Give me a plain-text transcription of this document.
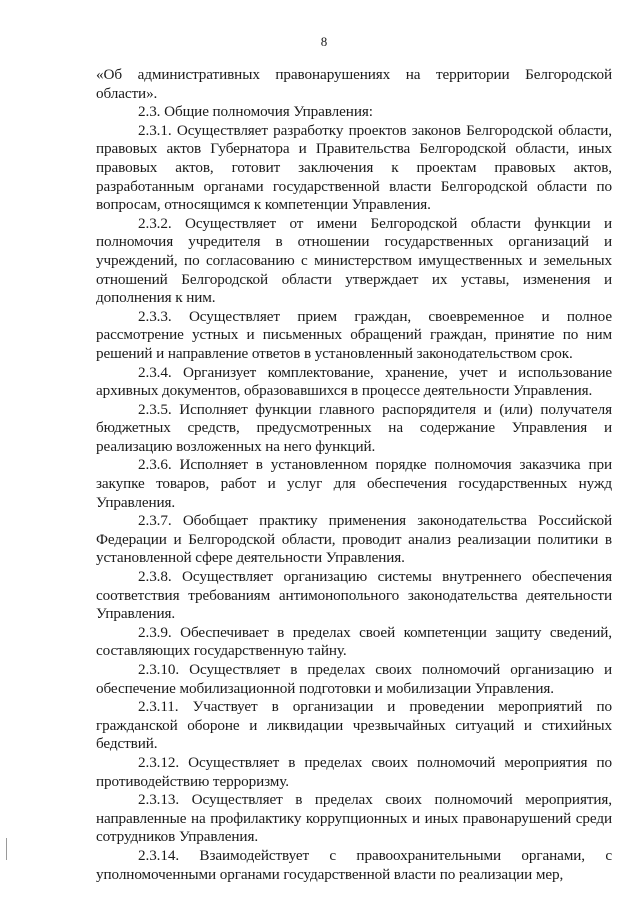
8

«Об административных правонарушениях на территории Белгородской области».

2.3. Общие полномочия Управления:

2.3.1. Осуществляет разработку проектов законов Белгородской области, правовых актов Губернатора и Правительства Белгородской области, иных правовых актов, готовит заключения к проектам правовых актов, разработанным органами государственной власти Белгородской области по вопросам, относящимся к компетенции Управления.

2.3.2. Осуществляет от имени Белгородской области функции и полномочия учредителя в отношении государственных организаций и учреждений, по согласованию с министерством имущественных и земельных отношений Белгородской области утверждает их уставы, изменения и дополнения к ним.

2.3.3. Осуществляет прием граждан, своевременное и полное рассмотрение устных и письменных обращений граждан, принятие по ним решений и направление ответов в установленный законодательством срок.

2.3.4. Организует комплектование, хранение, учет и использование архивных документов, образовавшихся в процессе деятельности Управления.

2.3.5. Исполняет функции главного распорядителя и (или) получателя бюджетных средств, предусмотренных на содержание Управления и реализацию возложенных на него функций.

2.3.6. Исполняет в установленном порядке полномочия заказчика при закупке товаров, работ и услуг для обеспечения государственных нужд Управления.

2.3.7. Обобщает практику применения законодательства Российской Федерации и Белгородской области, проводит анализ реализации политики в установленной сфере деятельности Управления.

2.3.8. Осуществляет организацию системы внутреннего обеспечения соответствия требованиям антимонопольного законодательства деятельности Управления.

2.3.9. Обеспечивает в пределах своей компетенции защиту сведений, составляющих государственную тайну.

2.3.10. Осуществляет в пределах своих полномочий организацию и обеспечение мобилизационной подготовки и мобилизации Управления.

2.3.11. Участвует в организации и проведении мероприятий по гражданской обороне и ликвидации чрезвычайных ситуаций и стихийных бедствий.

2.3.12. Осуществляет в пределах своих полномочий мероприятия по противодействию терроризму.

2.3.13. Осуществляет в пределах своих полномочий мероприятия, направленные на профилактику коррупционных и иных правонарушений среди сотрудников Управления.

2.3.14. Взаимодействует с правоохранительными органами, с уполномоченными органами государственной власти по реализации мер,
